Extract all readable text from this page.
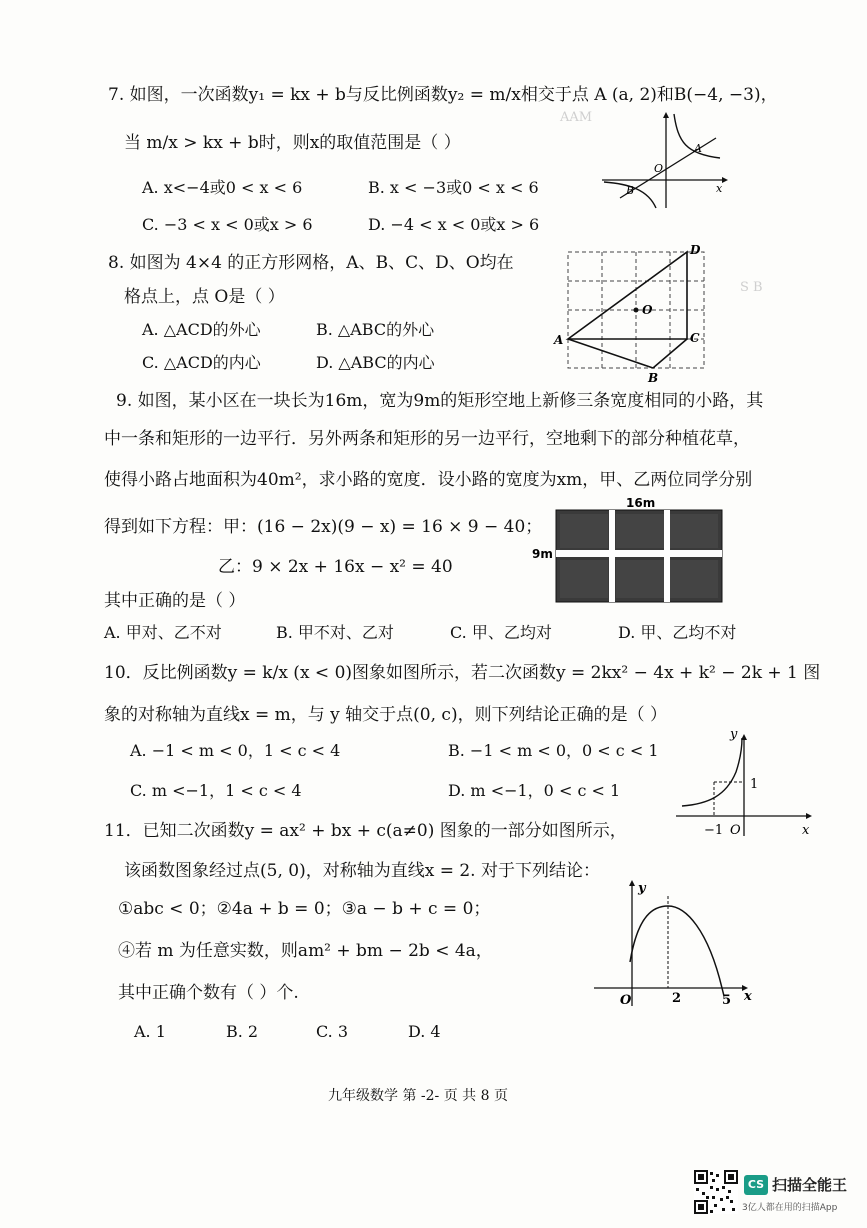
AAM
S B
7. 如图，一次函数y₁ = kx + b与反比例函数y₂ = m/x相交于点 A (a, 2)和B(−4, −3)，
当 m/x > kx + b时，则x的取值范围是（ ）
A. x<−4或0 < x < 6	B. x < −3或0 < x < 6
C. −3 < x < 0或x > 6	D. −4 < x < 0或x > 6
A
B
O
x
8. 如图为 4×4 的正方形网格，A、B、C、D、O均在
格点上，点 O是（ ）
A. △ACD的外心	B. △ABC的外心
C. △ACD的内心	D. △ABC的内心
A
B
C
D
O
9. 如图，某小区在一块长为16m，宽为9m的矩形空地上新修三条宽度相同的小路，其
中一条和矩形的一边平行．另外两条和矩形的另一边平行，空地剩下的部分种植花草，
使得小路占地面积为40m²，求小路的宽度．设小路的宽度为xm，甲、乙两位同学分别
得到如下方程：甲：(16 − 2x)(9 − x) = 16 × 9 − 40；
乙：9 × 2x + 16x − x² = 40
其中正确的是（ ）
A. 甲对、乙不对	B. 甲不对、乙对	C. 甲、乙均对	D. 甲、乙均不对
16m
9m
10．反比例函数y = k/x (x < 0)图象如图所示，若二次函数y = 2kx² − 4x + k² − 2k + 1 图
象的对称轴为直线x = m，与 y 轴交于点(0, c)，则下列结论正确的是（ ）
A. −1 < m < 0，1 < c < 4	B. −1 < m < 0，0 < c < 1
C. m <−1，1 < c < 4	D. m <−1，0 < c < 1
y
1
−1 O	x
11．已知二次函数y = ax² + bx + c(a≠0) 图象的一部分如图所示，
该函数图象经过点(5, 0)，对称轴为直线x = 2. 对于下列结论：
①abc < 0；②4a + b = 0；③a − b + c = 0；
④若 m 为任意实数，则am² + bm − 2b < 4a，
其中正确个数有（ ）个.
A. 1	B. 2	C. 3	D. 4
y
O	2	5 x
九年级数学 第 -2- 页 共 8 页
CS 扫描全能王
3亿人都在用的扫描App
